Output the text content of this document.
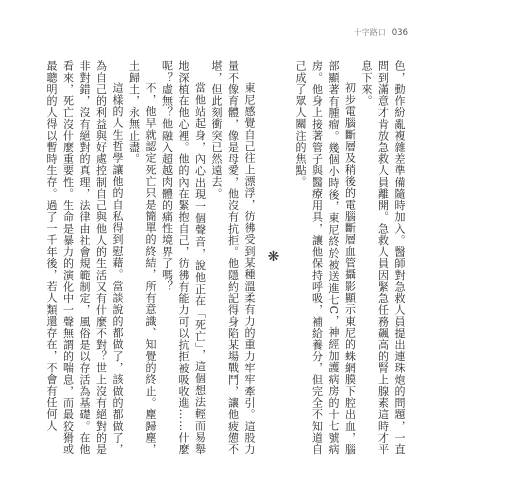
十字路口 036

色，動作紛亂複雜差準備隨時加入。醫師對急救人員提出連珠炮的問題，一直問到滿意才肯放急救人員離開。急救人員因緊急任務飆高的腎上腺素這時才平息下來。

初步電腦斷層及稍後的電腦斷層血管攝影顯示東尼的蛛網膜下腔出血，腦部顯著有腫瘤。幾個小時後，東尼終於被送進七C，神經加護病房的十七號病房。他身上接著管子與醫療用具，讓他保持呼吸，補給養分，但完全不知道自己成了眾人關注的焦點。

❋

東尼感覺自己往上漂浮，彷彿受到某種溫柔有力的重力牢牢牽引。這股力量不像育體，像是母愛，他沒有抗拒。他隱約記得身陷某場戰鬥，讓他疲憊不堪，但此刻衝突已然遠去。

當他站起身，內心出現一個聲音，說他正在「死亡」，這個想法輕而易舉地深植在他心裡。他的內在緊抱自己，彷彿有能力可以抗拒被吸收進……什麼呢？虛無？他融入超越肉體的痛性境界了嗎？

不，他早就認定死亡只是簡單的終結，所有意識、知覺的終止。塵歸塵，土歸土，永無止盡。

這樣的人生哲學讓他的自私得到慰藉。當談說的都做了，該做的都做了，為自己的利益與好處控制自己與他人的生活又有什麼不對？世上沒有絕對的是非對錯，沒有絕對的真理，法律由社會規範制定，風俗是以存活為基礎。在他看來，死亡沒什麼重要性。生命是暴力的演化中一聲無謂的喘息，而最狡猾或最聰明的人得以暫時生存。過了一千年後，若人類還存在，不會有任何人
